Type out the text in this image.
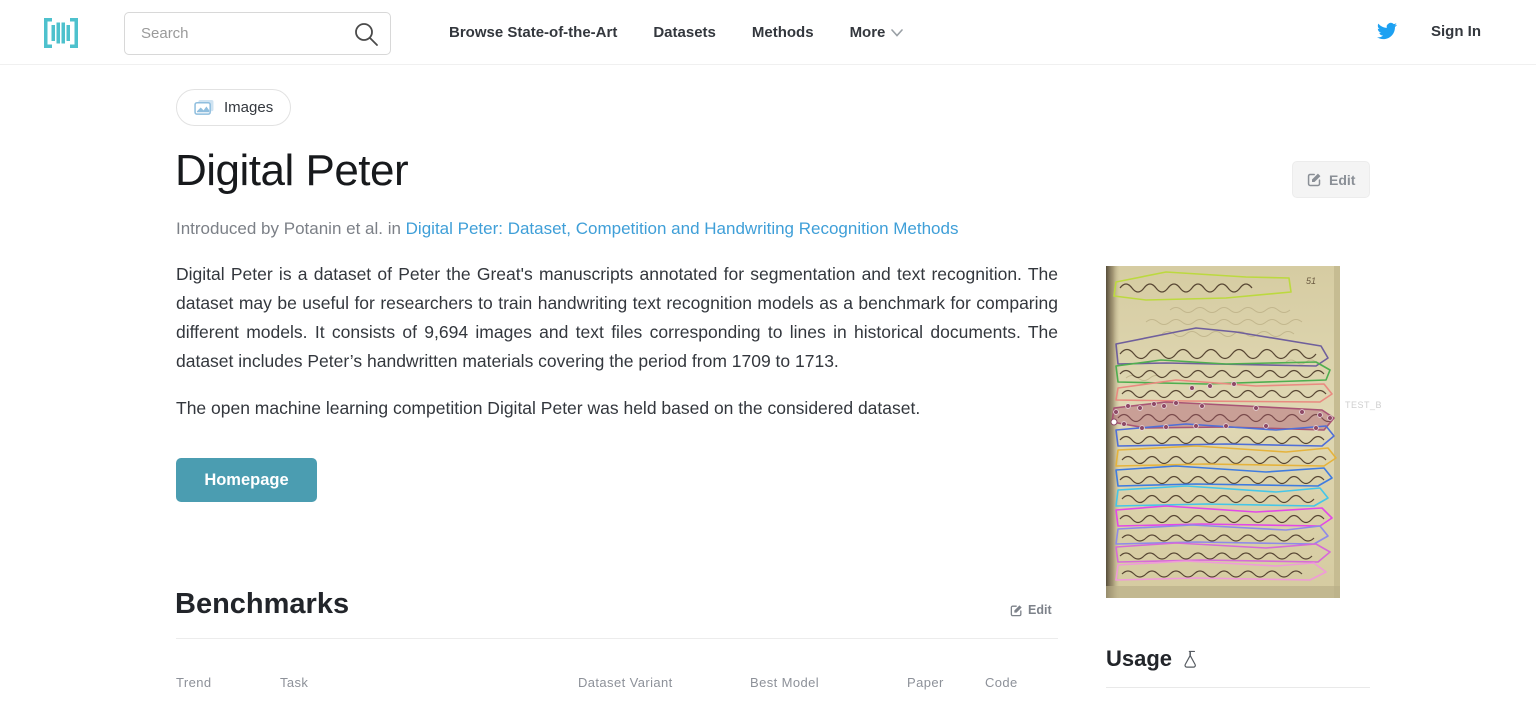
Search
Browse State-of-the-Art Datasets Methods More	Sign In
Images
Digital Peter	Edit
Introduced by Potanin et al. in Digital Peter: Dataset, Competition and Handwriting Recognition Methods

Digital Peter is a dataset of Peter the Great's manuscripts annotated for segmentation and text recognition. The dataset may be useful for researchers to train handwriting text recognition models as a benchmark for comparing different models. It consists of 9,694 images and text files corresponding to lines in historical documents. The dataset includes Peter’s handwritten materials covering the period from 1709 to 1713.

The open machine learning competition Digital Peter was held based on the considered dataset.

Homepage
Benchmarks	Edit
Trend	Task	Dataset Variant	Best Model	Paper	Code
51
TEST_B
Usage
